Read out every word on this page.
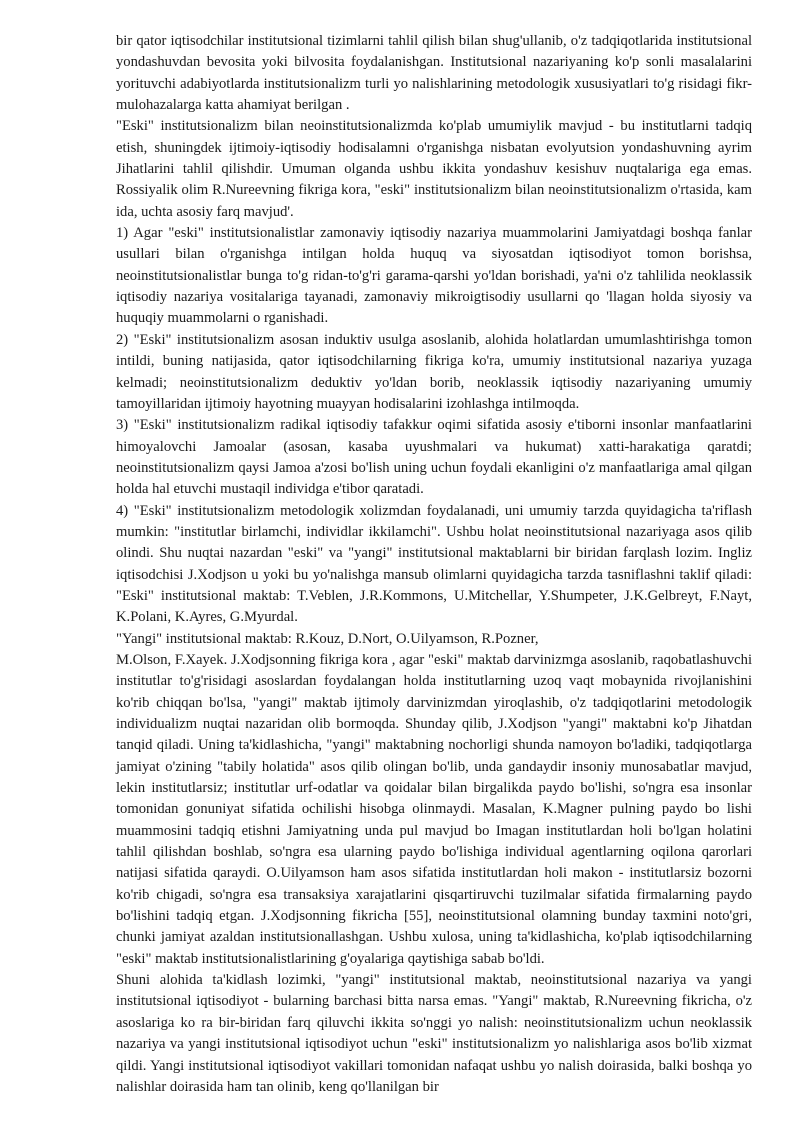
bir qator iqtisodchilar institutsional tizimlarni tahlil qilish bilan shug'ullanib, o'z tadqiqotlarida institutsional yondashuvdan bevosita yoki bilvosita foydalanishgan. Institutsional nazariyaning ko'p sonli masalalarini yorituvchi adabiyotlarda institutsionalizm turli yo nalishlarining metodologik xususiyatlari to'g risidagi fikr-mulohazalarga katta ahamiyat berilgan .

"Eski" institutsionalizm bilan neoinstitutsionalizmda ko'plab umumiylik mavjud - bu institutlarni tadqiq etish, shuningdek ijtimoiy-iqtisodiy hodisalamni o'rganishga nisbatan evolyutsion yondashuvning ayrim Jihatlarini tahlil qilishdir. Umuman olganda ushbu ikkita yondashuv kesishuv nuqtalariga ega emas. Rossiyalik olim R.Nureevning fikriga kora, "eski" institutsionalizm bilan neoinstitutsionalizm o'rtasida, kam ida, uchta asosiy farq mavjud'.

1) Agar "eski" institutsionalistlar zamonaviy iqtisodiy nazariya muammolarini Jamiyatdagi boshqa fanlar usullari bilan o'rganishga intilgan holda huquq va siyosatdan iqtisodiyot tomon borishsa, neoinstitutsionalistlar bunga to'g ridan-to'g'ri garama-qarshi yo'ldan borishadi, ya'ni o'z tahlilida neoklassik iqtisodiy nazariya vositalariga tayanadi, zamonaviy mikroigtisodiy usullarni qo 'llagan holda siyosiy va huquqiy muammolarni o rganishadi.

2) "Eski" institutsionalizm asosan induktiv usulga asoslanib, alohida holatlardan umumlashtirishga tomon intildi, buning natijasida, qator iqtisodchilarning fikriga ko'ra, umumiy institutsional nazariya yuzaga kelmadi; neoinstitutsionalizm deduktiv yo'ldan borib, neoklassik iqtisodiy nazariyaning umumiy tamoyillaridan ijtimoiy hayotning muayyan hodisalarini izohlashga intilmoqda.

3) "Eski" institutsionalizm radikal iqtisodiy tafakkur oqimi sifatida asosiy e'tiborni insonlar manfaatlarini himoyalovchi Jamoalar (asosan, kasaba uyushmalari va hukumat) xatti-harakatiga qaratdi; neoinstitutsionalizm qaysi Jamoa a'zosi bo'lish uning uchun foydali ekanligini o'z manfaatlariga amal qilgan holda hal etuvchi mustaqil individga e'tibor qaratadi.

4) "Eski" institutsionalizm metodologik xolizmdan foydalanadi, uni umumiy tarzda quyidagicha ta'riflash mumkin: "institutlar birlamchi, individlar ikkilamchi". Ushbu holat neoinstitutsional nazariyaga asos qilib olindi. Shu nuqtai nazardan "eski" va "yangi" institutsional maktablarni bir biridan farqlash lozim. Ingliz iqtisodchisi J.Xodjson u yoki bu yo'nalishga mansub olimlarni quyidagicha tarzda tasniflashni taklif qiladi: "Eski" institutsional maktab: T.Veblen, J.R.Kommons, U.Mitchellar, Y.Shumpeter, J.K.Gelbreyt, F.Nayt, K.Polani, K.Ayres, G.Myurdal.

"Yangi" institutsional maktab: R.Kouz, D.Nort, O.Uilyamson, R.Pozner,

M.Olson, F.Xayek. J.Xodjsonning fikriga kora , agar "eski" maktab darvinizmga asoslanib, raqobatlashuvchi institutlar to'g'risidagi asoslardan foydalangan holda institutlarning uzoq vaqt mobaynida rivojlanishini ko'rib chiqqan bo'lsa, "yangi" maktab ijtimoly darvinizmdan yiroqlashib, o'z tadqiqotlarini metodologik individualizm nuqtai nazaridan olib bormoqda. Shunday qilib, J.Xodjson "yangi" maktabni ko'p Jihatdan tanqid qiladi. Uning ta'kidlashicha, "yangi" maktabning nochorligi shunda namoyon bo'ladiki, tadqiqotlarga jamiyat o'zining "tabily holatida" asos qilib olingan bo'lib, unda gandaydir insoniy munosabatlar mavjud, lekin institutlarsiz; institutlar urf-odatlar va qoidalar bilan birgalikda paydo bo'lishi, so'ngra esa insonlar tomonidan gonuniyat sifatida ochilishi hisobga olinmaydi. Masalan, K.Magner pulning paydo bo lishi muammosini tadqiq etishni Jamiyatning unda pul mavjud bo Imagan institutlardan holi bo'lgan holatini tahlil qilishdan boshlab, so'ngra esa ularning paydo bo'lishiga individual agentlarning oqilona qarorlari natijasi sifatida qaraydi. O.Uilyamson ham asos sifatida institutlardan holi makon - institutlarsiz bozorni ko'rib chigadi, so'ngra esa transaksiya xarajatlarini qisqartiruvchi tuzilmalar sifatida firmalarning paydo bo'lishini tadqiq etgan. J.Xodjsonning fikricha [55], neoinstitutsional olamning bunday taxmini noto'gri, chunki jamiyat azaldan institutsionallashgan. Ushbu xulosa, uning ta'kidlashicha, ko'plab iqtisodchilarning "eski" maktab institutsionalistlarining g'oyalariga qaytishiga sabab bo'ldi.

Shuni alohida ta'kidlash lozimki, "yangi" institutsional maktab, neoinstitutsional nazariya va yangi institutsional iqtisodiyot - bularning barchasi bitta narsa emas. "Yangi" maktab, R.Nureevning fikricha, o'z asoslariga ko ra bir-biridan farq qiluvchi ikkita so'nggi yo nalish: neoinstitutsionalizm uchun neoklassik nazariya va yangi institutsional iqtisodiyot uchun "eski" institutsionalizm yo nalishlariga asos bo'lib xizmat qildi. Yangi institutsional iqtisodiyot vakillari tomonidan nafaqat ushbu yo nalish doirasida, balki boshqa yo nalishlar doirasida ham tan olinib, keng qo'llanilgan bir
